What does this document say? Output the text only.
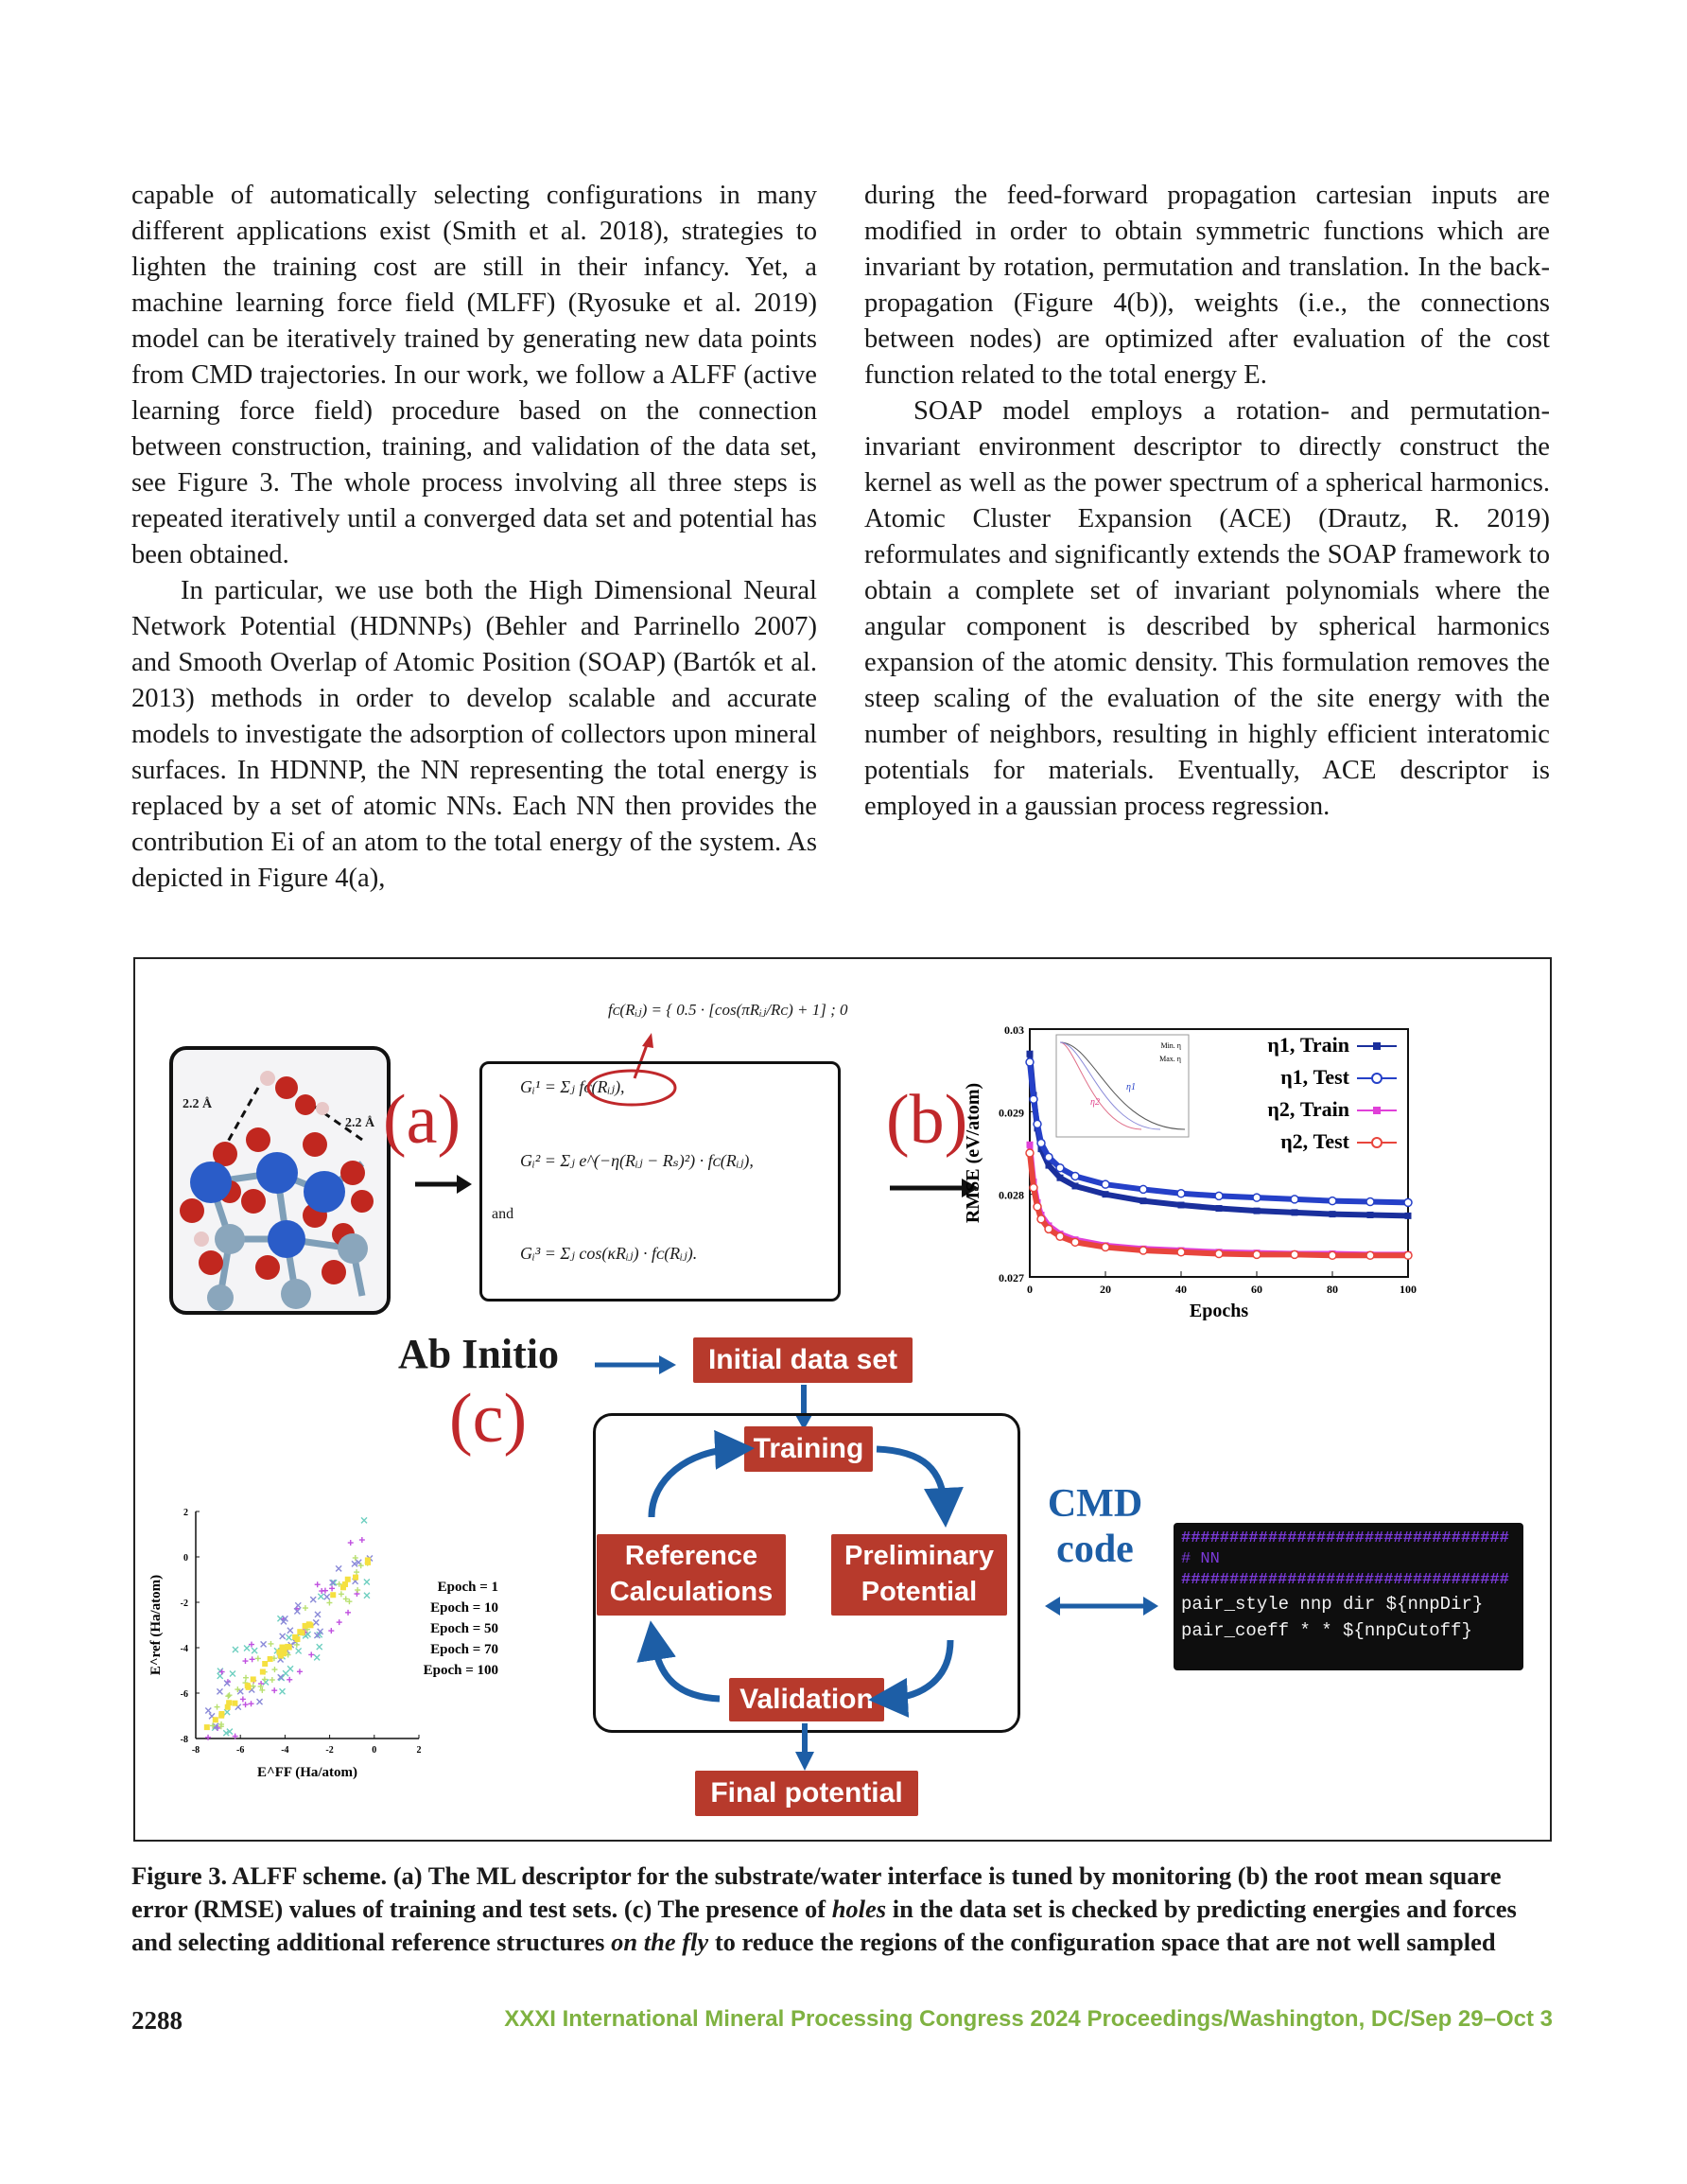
capable of automatically selecting configurations in many different applications exist (Smith et al. 2018), strategies to lighten the training cost are still in their infancy. Yet, a machine learning force field (MLFF) (Ryosuke et al. 2019) model can be iteratively trained by generating new data points from CMD trajectories. In our work, we follow a ALFF (active learning force field) procedure based on the connection between construction, training, and validation of the data set, see Figure 3. The whole process involving all three steps is repeated iteratively until a converged data set and potential has been obtained.

In particular, we use both the High Dimensional Neural Network Potential (HDNNPs) (Behler and Parrinello 2007) and Smooth Overlap of Atomic Position (SOAP) (Bartók et al. 2013) methods in order to develop scalable and accurate models to investigate the adsorption of collectors upon mineral surfaces. In HDNNP, the NN representing the total energy is replaced by a set of atomic NNs. Each NN then provides the contribution Ei of an atom to the total energy of the system. As depicted in Figure 4(a),

during the feed-forward propagation cartesian inputs are modified in order to obtain symmetric functions which are invariant by rotation, permutation and translation. In the back-propagation (Figure 4(b)), weights (i.e., the connections between nodes) are optimized after evaluation of the cost function related to the total energy E.

SOAP model employs a rotation- and permutation-invariant environment descriptor to directly construct the kernel as well as the power spectrum of a spherical harmonics. Atomic Cluster Expansion (ACE) (Drautz, R. 2019) reformulates and significantly extends the SOAP framework to obtain a complete set of invariant polynomials where the angular component is described by spherical harmonics expansion of the atomic density. This formulation removes the steep scaling of the evaluation of the site energy with the number of neighbors, resulting in highly efficient interatomic potentials for materials. Eventually, ACE descriptor is employed in a gaussian process regression.

2.2 Å
2.2 Å (a)
fᴄ(Rᵢⱼ) = { 0.5 · [cos(πRᵢⱼ/Rᴄ) + 1] ; 0
Gᵢ¹ = Σⱼ fᴄ(Rᵢⱼ),
Gᵢ² = Σⱼ e^(−η(Rᵢⱼ − Rₛ)²) · fᴄ(Rᵢⱼ),
and
Gᵢ³ = Σⱼ cos(κRᵢⱼ) · fᴄ(Rᵢⱼ).
(b)
0.03
0.029
0.028
0.027
0	20	40	60	80	100
Epochs
RMSE (eV/atom)
Min. η
Max. η
η1
η2
η1, Train
η1, Test
η2, Train
η2, Test
Ab Initio
(c)
Initial data set
Training
Reference
Calculations
Preliminary
Potential
Validation
Final potential
CMD
code	##################################
# NN
##################################
pair_style nnp dir ${nnpDir}
pair_coeff * * ${nnpCutoff}
2
0
-2
-4
-6
-8
-8	-6	-4	-2	0	2
E^FF (Ha/atom)
E^ref (Ha/atom)	Epoch = 1
Epoch = 10
Epoch = 50
Epoch = 70
Epoch = 100
Figure 3. ALFF scheme. (a) The ML descriptor for the substrate/water interface is tuned by monitoring (b) the root mean square error (RMSE) values of training and test sets. (c) The presence of holes in the data set is checked by predicting energies and forces and selecting additional reference structures on the fly to reduce the regions of the configuration space that are not well sampled
2288	XXXI International Mineral Processing Congress 2024 Proceedings/Washington, DC/Sep 29–Oct 3
